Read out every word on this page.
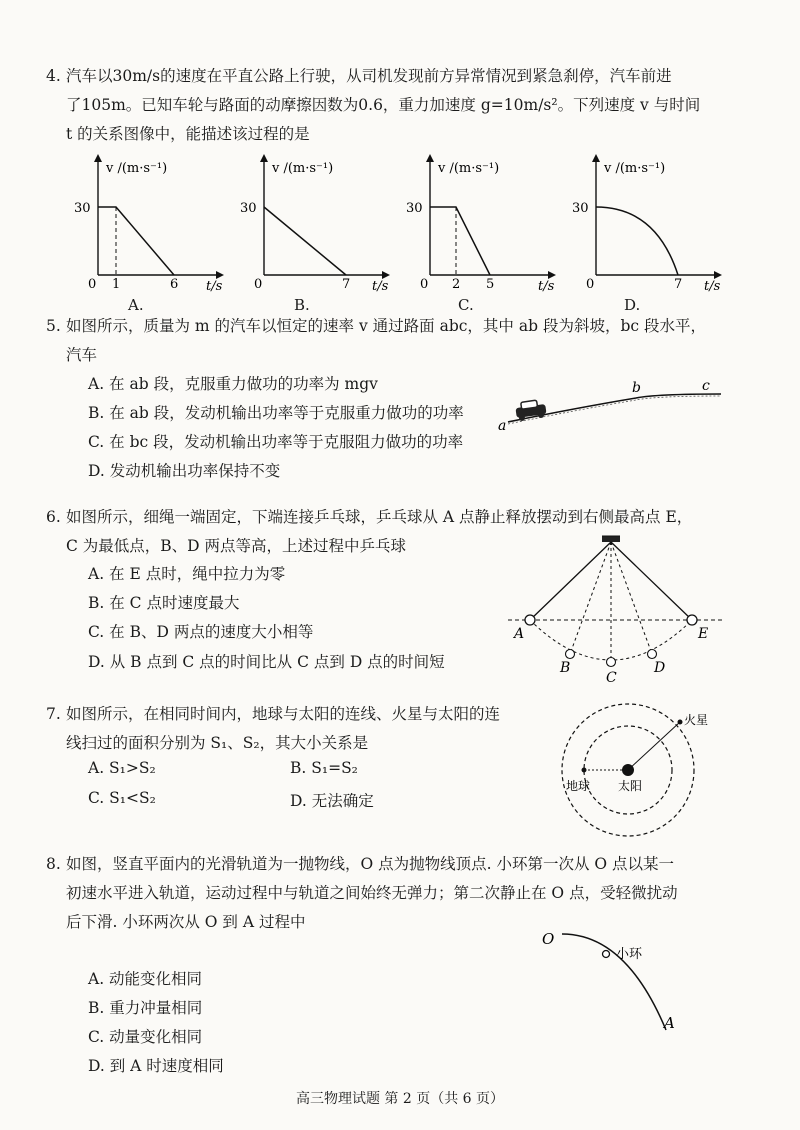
4. 汽车以30m/s的速度在平直公路上行驶，从司机发现前方异常情况到紧急刹停，汽车前进
了105m。已知车轮与路面的动摩擦因数为0.6，重力加速度 g=10m/s²。下列速度 v 与时间
t 的关系图像中，能描述该过程的是
v /(m·s⁻¹)
30
1	6
0	t/s
A.
v /(m·s⁻¹)
30
0	7 t/s
B.
v /(m·s⁻¹)
30
0 2 5	t/s
C.
v /(m·s⁻¹)
30
0	7 t/s
D.
5. 如图所示，质量为 m 的汽车以恒定的速率 v 通过路面 abc，其中 ab 段为斜坡，bc 段水平，
汽车
A. 在 ab 段，克服重力做功的功率为 mgv
B. 在 ab 段，发动机输出功率等于克服重力做功的功率
C. 在 bc 段，发动机输出功率等于克服阻力做功的功率
D. 发动机输出功率保持不变
a
b	c
6. 如图所示，细绳一端固定，下端连接乒乓球，乒乓球从 A 点静止释放摆动到右侧最高点 E，
C 为最低点，B、D 两点等高，上述过程中乒乓球
A. 在 E 点时，绳中拉力为零
B. 在 C 点时速度最大
C. 在 B、D 两点的速度大小相等
D. 从 B 点到 C 点的时间比从 C 点到 D 点的时间短
A	E
B
C
D
7. 如图所示，在相同时间内，地球与太阳的连线、火星与太阳的连
线扫过的面积分别为 S₁、S₂，其大小关系是
A. S₁>S₂	B. S₁=S₂
C. S₁<S₂	D. 无法确定
火星
地球 太阳
8. 如图，竖直平面内的光滑轨道为一抛物线，O 点为抛物线顶点. 小环第一次从 O 点以某一
初速水平进入轨道，运动过程中与轨道之间始终无弹力；第二次静止在 O 点，受轻微扰动
后下滑. 小环两次从 O 到 A 过程中
A. 动能变化相同
B. 重力冲量相同
C. 动量变化相同
D. 到 A 时速度相同
O
小环
A
高三物理试题 第 2 页（共 6 页）
